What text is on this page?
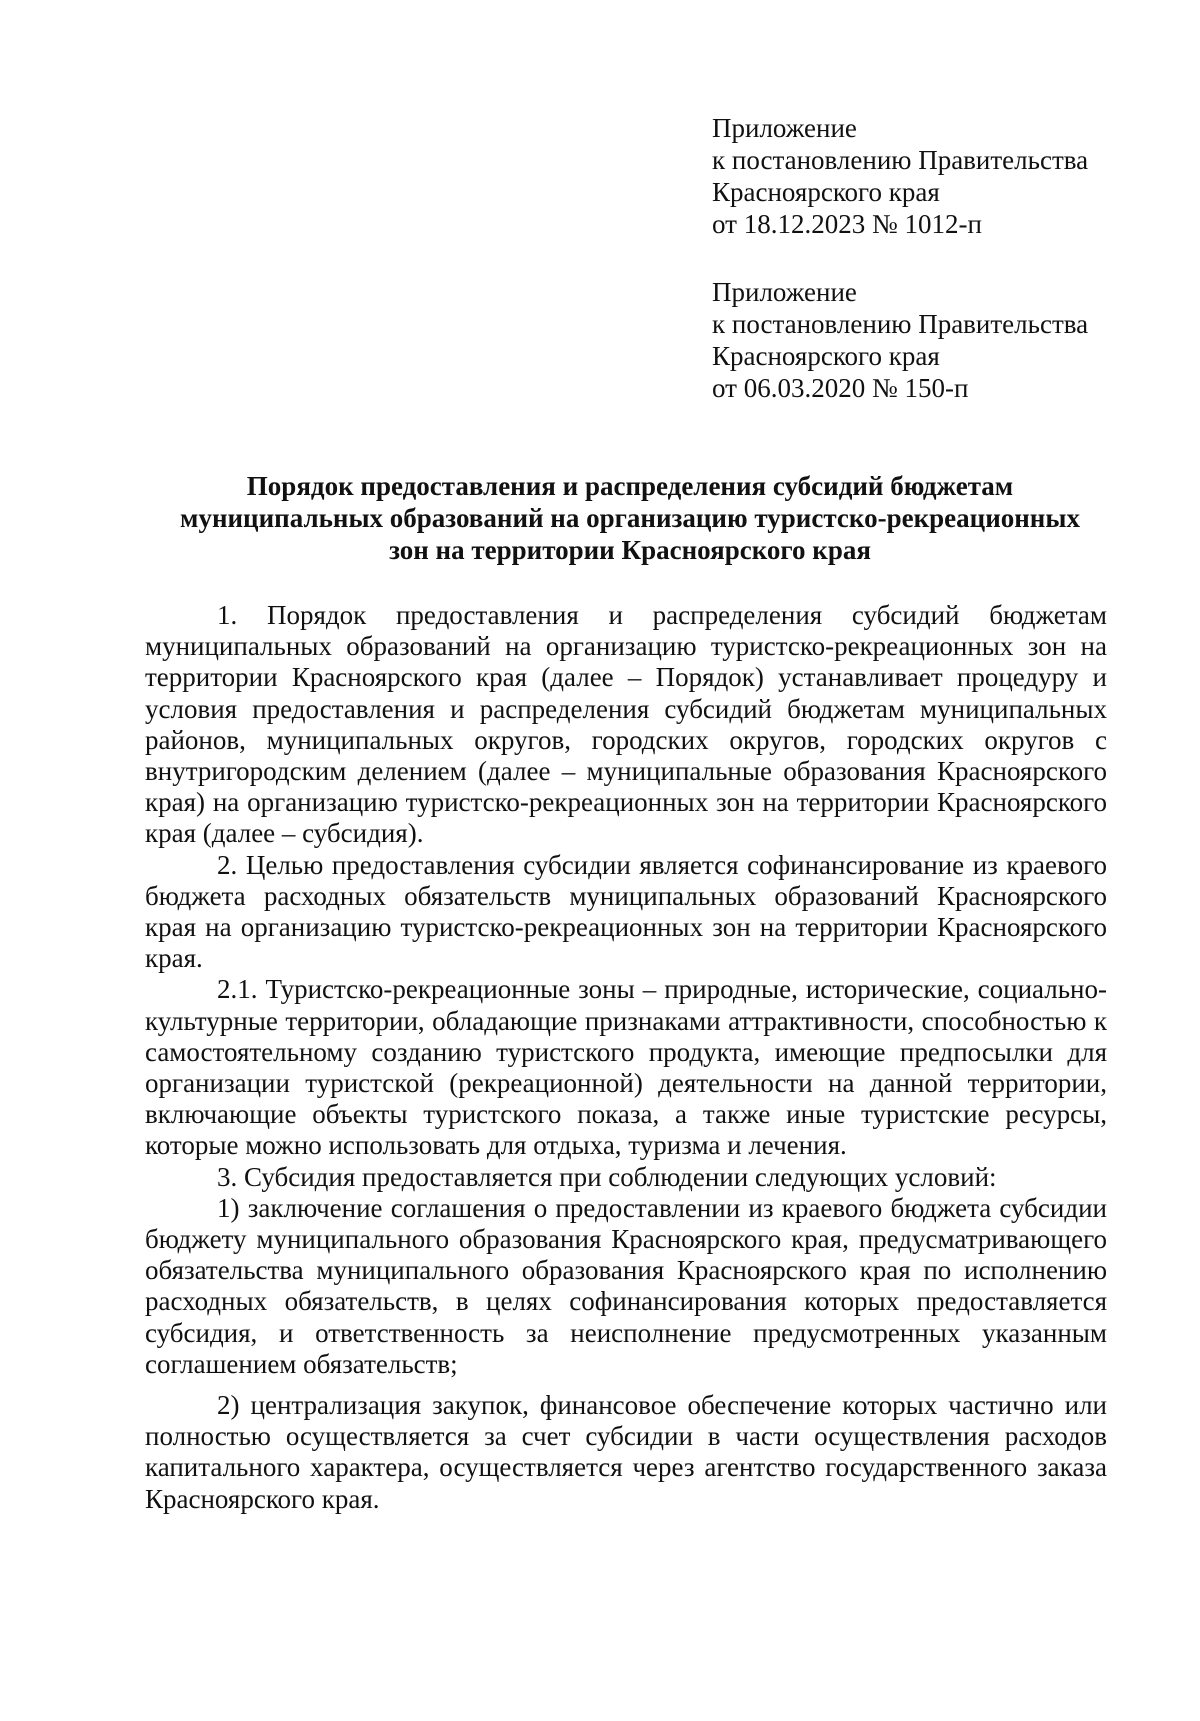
Приложение
к постановлению Правительства
Красноярского края
от 18.12.2023 № 1012-п
Приложение
к постановлению Правительства
Красноярского края
от 06.03.2020 № 150-п
Порядок предоставления и распределения субсидий бюджетам
муниципальных образований на организацию туристско-рекреационных
зон на территории Красноярского края

1. Порядок предоставления и распределения субсидий бюджетам муниципальных образований на организацию туристско-рекреационных зон на территории Красноярского края (далее – Порядок) устанавливает процедуру и условия предоставления и распределения субсидий бюджетам муниципальных районов, муниципальных округов, городских округов, городских округов с внутригородским делением (далее – муниципальные образования Красноярского края) на организацию туристско-рекреационных зон на территории Красноярского края (далее – субсидия).

2. Целью предоставления субсидии является софинансирование из краевого бюджета расходных обязательств муниципальных образований Красноярского края на организацию туристско-рекреационных зон на территории Красноярского края.

2.1. Туристско-рекреационные зоны – природные, исторические, социально-культурные территории, обладающие признаками аттрактивности, способностью к самостоятельному созданию туристского продукта, имеющие предпосылки для организации туристской (рекреационной) деятельности на данной территории, включающие объекты туристского показа, а также иные туристские ресурсы, которые можно использовать для отдыха, туризма и лечения.

3. Субсидия предоставляется при соблюдении следующих условий:

1) заключение соглашения о предоставлении из краевого бюджета субсидии бюджету муниципального образования Красноярского края, предусматривающего обязательства муниципального образования Красноярского края по исполнению расходных обязательств, в целях софинансирования которых предоставляется субсидия, и ответственность за неисполнение предусмотренных указанным соглашением обязательств;

2) централизация закупок, финансовое обеспечение которых частично или полностью осуществляется за счет субсидии в части осуществления расходов капитального характера, осуществляется через агентство государственного заказа Красноярского края.
